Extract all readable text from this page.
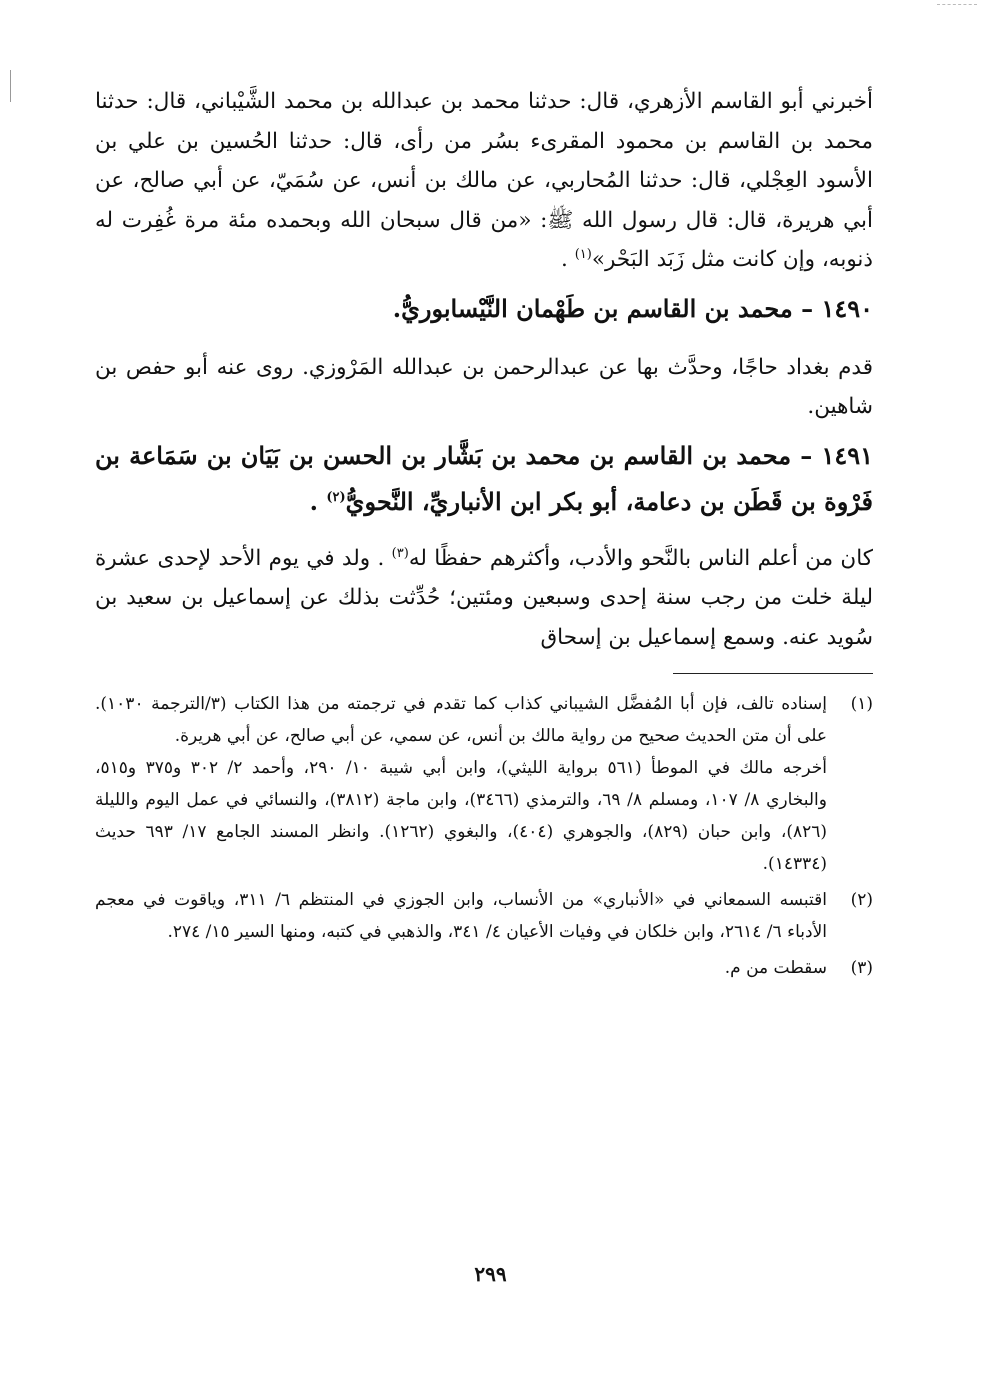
أخبرني أبو القاسم الأزهري، قال: حدثنا محمد بن عبدالله بن محمد الشَّيْباني، قال: حدثنا محمد بن القاسم بن محمود المقرىء بسُر من رأى، قال: حدثنا الحُسين بن علي بن الأسود العِجْلي، قال: حدثنا المُحاربي، عن مالك بن أنس، عن سُمَيّ، عن أبي صالح، عن أبي هريرة، قال: قال رسول الله ﷺ: «من قال سبحان الله وبحمده مئة مرة غُفِرت له ذنوبه، وإن كانت مثل زَبَد البَحْر»$^{(١)}$ .

١٤٩٠ – محمد بن القاسم بن طَهْمان النَّيْسابوريُّ.

قدم بغداد حاجًا، وحدَّث بها عن عبدالرحمن بن عبدالله المَرْوزي. روى عنه أبو حفص بن شاهين.

١٤٩١ – محمد بن القاسم بن محمد بن بَشَّار بن الحسن بن بَيَان بن سَمَاعة بن فَرْوة بن قَطَن بن دعامة، أبو بكر ابن الأنباريِّ، النَّحويُّ$^{(٢)}$ .

كان من أعلم الناس بالنَّحو والأدب، وأكثرهم حفظًا له$^{(٣)}$ . ولد في يوم الأحد لإحدى عشرة ليلة خلت من رجب سنة إحدى وسبعين ومئتين؛ حُدِّثت بذلك عن إسماعيل بن سعيد بن سُويد عنه. وسمع إسماعيل بن إسحاق

(١)

إسناده تالف، فإن أبا المُفضَّل الشيباني كذاب كما تقدم في ترجمته من هذا الكتاب (٣/الترجمة ١٠٣٠). على أن متن الحديث صحيح من رواية مالك بن أنس، عن سمي، عن أبي صالح، عن أبي هريرة.

أخرجه مالك في الموطأ (٥٦١ برواية الليثي)، وابن أبي شيبة ١٠/ ٢٩٠، وأحمد ٢/ ٣٠٢ و٣٧٥ و٥١٥، والبخاري ٨/ ١٠٧، ومسلم ٨/ ٦٩، والترمذي (٣٤٦٦)، وابن ماجة (٣٨١٢)، والنسائي في عمل اليوم والليلة (٨٢٦)، وابن حبان (٨٢٩)، والجوهري (٤٠٤)، والبغوي (١٢٦٢). وانظر المسند الجامع ١٧/ ٦٩٣ حديث (١٤٣٣٤).

(٢)

اقتبسه السمعاني في «الأنباري» من الأنساب، وابن الجوزي في المنتظم ٦/ ٣١١، وياقوت في معجم الأدباء ٦/ ٢٦١٤، وابن خلكان في وفيات الأعيان ٤/ ٣٤١، والذهبي في كتبه، ومنها السير ١٥/ ٢٧٤.

(٣)

سقطت من م.

٢٩٩
